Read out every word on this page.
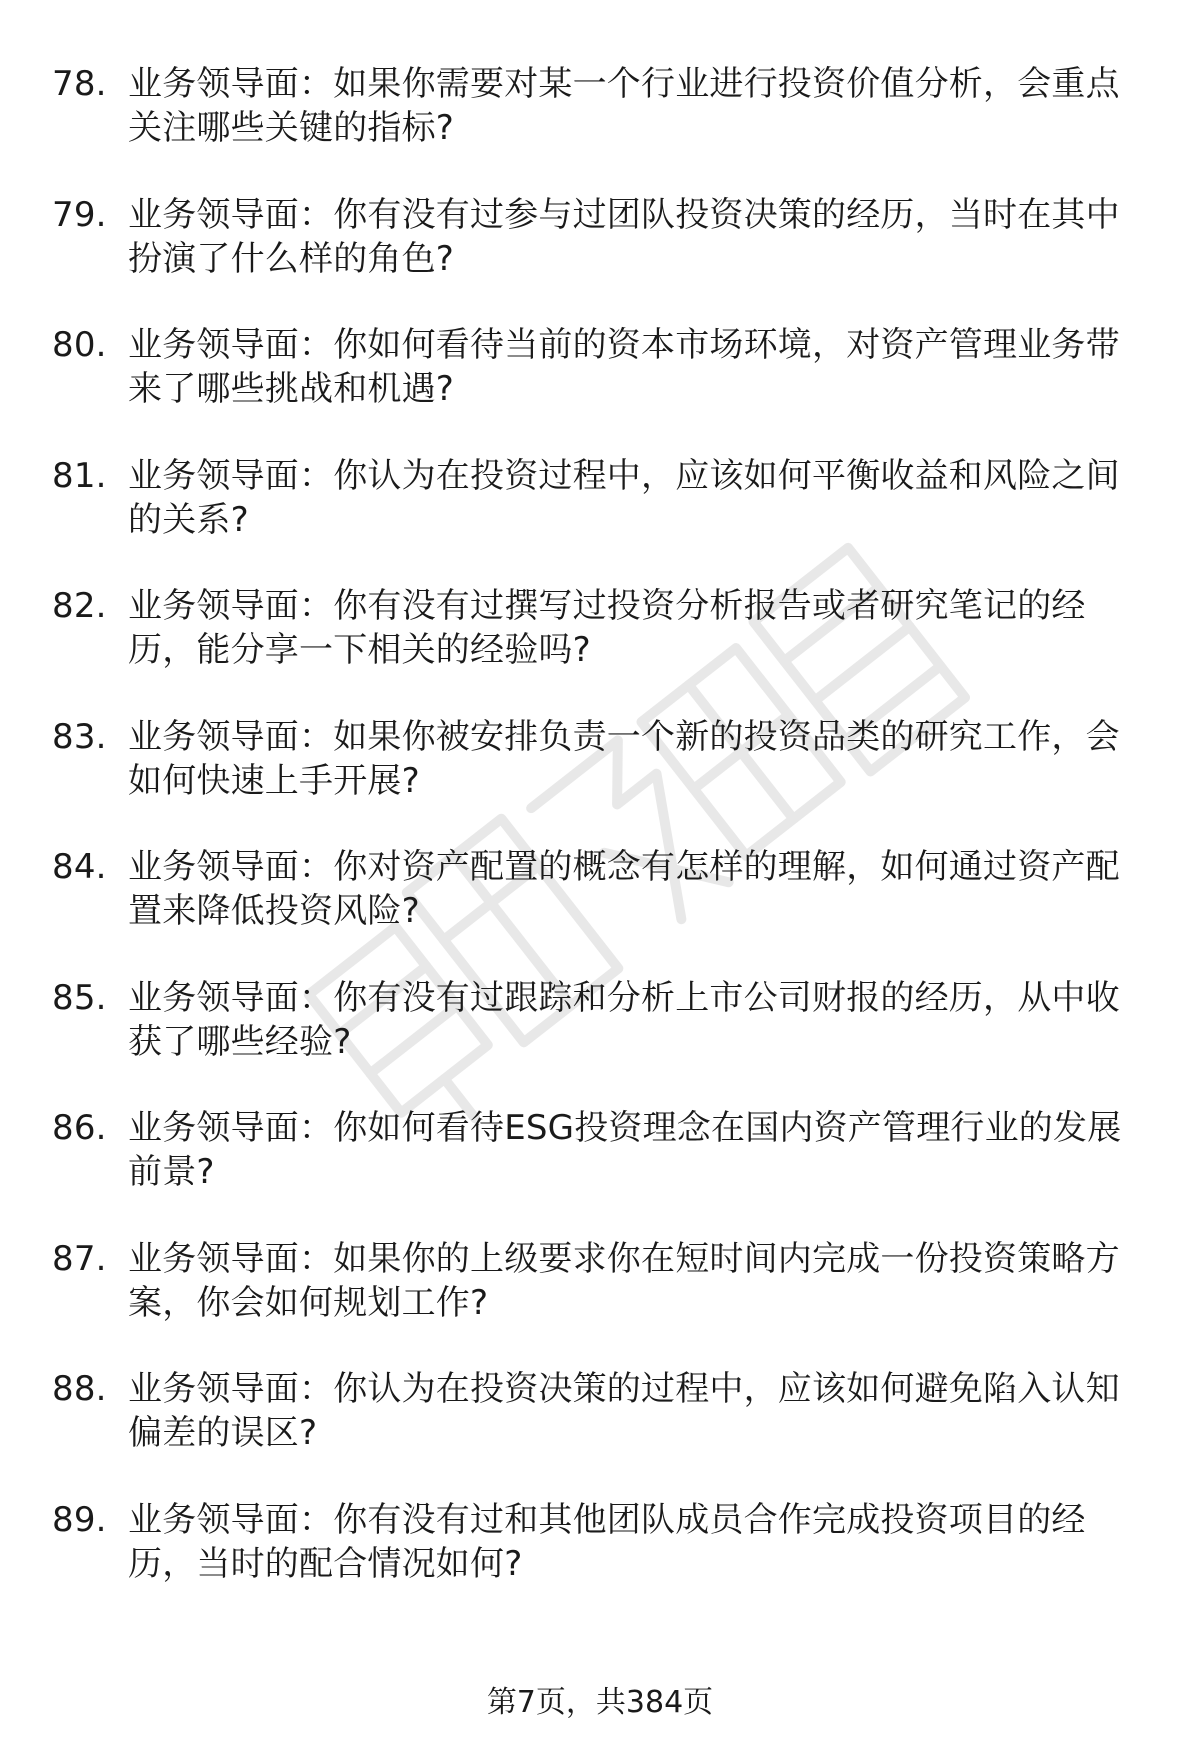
78. 业务领导面：如果你需要对某一个行业进行投资价值分析，会重点关注哪些关键的指标?
79. 业务领导面：你有没有过参与过团队投资决策的经历，当时在其中扮演了什么样的角色?
80. 业务领导面：你如何看待当前的资本市场环境，对资产管理业务带来了哪些挑战和机遇?
81. 业务领导面：你认为在投资过程中，应该如何平衡收益和风险之间的关系?
82. 业务领导面：你有没有过撰写过投资分析报告或者研究笔记的经历，能分享一下相关的经验吗?
83. 业务领导面：如果你被安排负责一个新的投资品类的研究工作，会如何快速上手开展?
84. 业务领导面：你对资产配置的概念有怎样的理解，如何通过资产配置来降低投资风险?
85. 业务领导面：你有没有过跟踪和分析上市公司财报的经历，从中收获了哪些经验?
86. 业务领导面：你如何看待ESG投资理念在国内资产管理行业的发展前景?
87. 业务领导面：如果你的上级要求你在短时间内完成一份投资策略方案，你会如何规划工作?
88. 业务领导面：你认为在投资决策的过程中，应该如何避免陷入认知偏差的误区?
89. 业务领导面：你有没有过和其他团队成员合作完成投资项目的经历，当时的配合情况如何?
第7页，共384页
